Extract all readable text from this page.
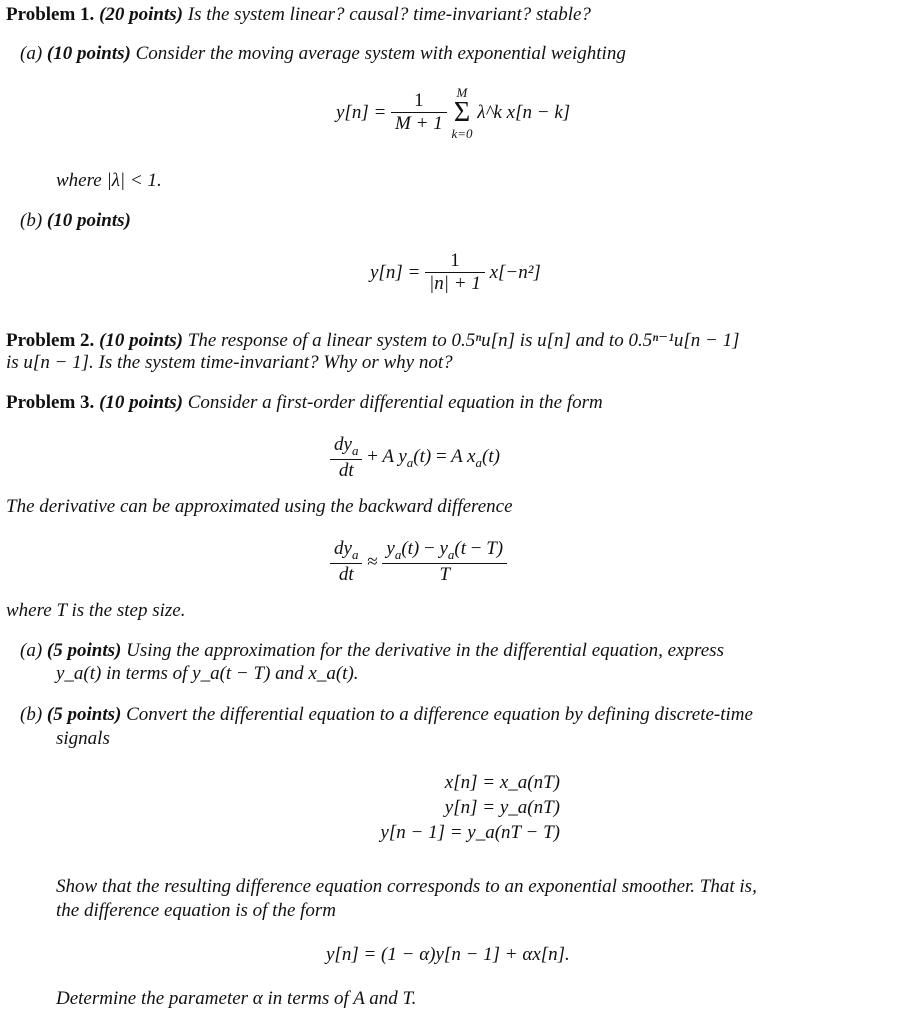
Problem 1. (20 points) Is the system linear? causal? time-invariant? stable?
(a) (10 points) Consider the moving average system with exponential weighting
$y[n] = \frac{1}{M + 1}$
M
Σ
k=0
λ^k x[n − k]
where |λ| < 1.
(b) (10 points)
$y[n] = \frac{1}{|n| + 1} x[-n^2]$
Problem 2. (10 points) The response of a linear system to 0.5ⁿu[n] is u[n] and to 0.5ⁿ⁻¹u[n − 1]
is u[n − 1]. Is the system time-invariant? Why or why not?
Problem 3. (10 points) Consider a first-order differential equation in the form
$\frac{dy_a}{dt} + A$ $y_a(t) = A$ $x_a(t)$
The derivative can be approximated using the backward difference
$\frac{dy_a}{dt} \approx \frac{y_a(t) - y_a(t - T)}{T}$
where T is the step size.
(a) (5 points) Using the approximation for the derivative in the differential equation, express
y_a(t) in terms of y_a(t − T) and x_a(t).
(b) (5 points) Convert the differential equation to a difference equation by defining discrete-time
signals
x[n] = x_a(nT)
y[n] = y_a(nT)
y[n − 1] = y_a(nT − T)
Show that the resulting difference equation corresponds to an exponential smoother. That is,
the difference equation is of the form
y[n] = (1 − α)y[n − 1] + αx[n].
Determine the parameter α in terms of A and T.
